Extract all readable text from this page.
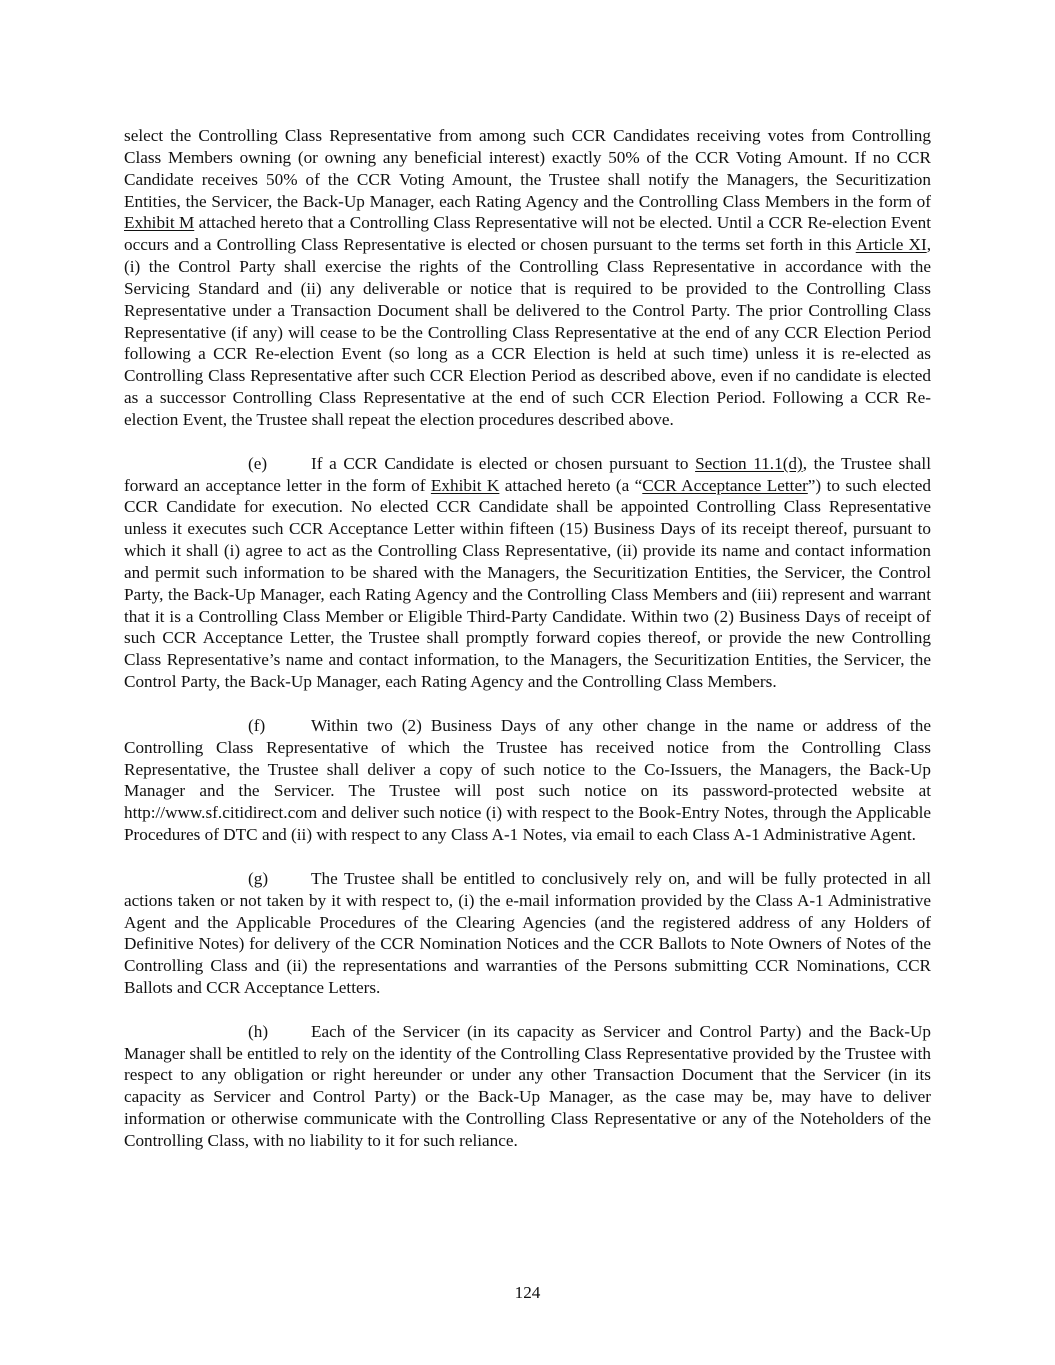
select the Controlling Class Representative from among such CCR Candidates receiving votes from Controlling Class Members owning (or owning any beneficial interest) exactly 50% of the CCR Voting Amount. If no CCR Candidate receives 50% of the CCR Voting Amount, the Trustee shall notify the Managers, the Securitization Entities, the Servicer, the Back-Up Manager, each Rating Agency and the Controlling Class Members in the form of Exhibit M attached hereto that a Controlling Class Representative will not be elected. Until a CCR Re-election Event occurs and a Controlling Class Representative is elected or chosen pursuant to the terms set forth in this Article XI, (i) the Control Party shall exercise the rights of the Controlling Class Representative in accordance with the Servicing Standard and (ii) any deliverable or notice that is required to be provided to the Controlling Class Representative under a Transaction Document shall be delivered to the Control Party. The prior Controlling Class Representative (if any) will cease to be the Controlling Class Representative at the end of any CCR Election Period following a CCR Re-election Event (so long as a CCR Election is held at such time) unless it is re-elected as Controlling Class Representative after such CCR Election Period as described above, even if no candidate is elected as a successor Controlling Class Representative at the end of such CCR Election Period. Following a CCR Re-election Event, the Trustee shall repeat the election procedures described above.

(e)	If a CCR Candidate is elected or chosen pursuant to Section 11.1(d), the Trustee shall forward an acceptance letter in the form of Exhibit K attached hereto (a “CCR Acceptance Letter”) to such elected CCR Candidate for execution. No elected CCR Candidate shall be appointed Controlling Class Representative unless it executes such CCR Acceptance Letter within fifteen (15) Business Days of its receipt thereof, pursuant to which it shall (i) agree to act as the Controlling Class Representative, (ii) provide its name and contact information and permit such information to be shared with the Managers, the Securitization Entities, the Servicer, the Control Party, the Back-Up Manager, each Rating Agency and the Controlling Class Members and (iii) represent and warrant that it is a Controlling Class Member or Eligible Third-Party Candidate. Within two (2) Business Days of receipt of such CCR Acceptance Letter, the Trustee shall promptly forward copies thereof, or provide the new Controlling Class Representative’s name and contact information, to the Managers, the Securitization Entities, the Servicer, the Control Party, the Back-Up Manager, each Rating Agency and the Controlling Class Members.

(f)	Within two (2) Business Days of any other change in the name or address of the Controlling Class Representative of which the Trustee has received notice from the Controlling Class Representative, the Trustee shall deliver a copy of such notice to the Co-Issuers, the Managers, the Back-Up Manager and the Servicer. The Trustee will post such notice on its password-protected website at http://www.sf.citidirect.com and deliver such notice (i) with respect to the Book-Entry Notes, through the Applicable Procedures of DTC and (ii) with respect to any Class A-1 Notes, via email to each Class A-1 Administrative Agent.

(g) The Trustee shall be entitled to conclusively rely on, and will be fully protected in all actions taken or not taken by it with respect to, (i) the e-mail information provided by the Class A-1 Administrative Agent and the Applicable Procedures of the Clearing Agencies (and the registered address of any Holders of Definitive Notes) for delivery of the CCR Nomination Notices and the CCR Ballots to Note Owners of Notes of the Controlling Class and (ii) the representations and warranties of the Persons submitting CCR Nominations, CCR Ballots and CCR Acceptance Letters.

(h) Each of the Servicer (in its capacity as Servicer and Control Party) and the Back-Up Manager shall be entitled to rely on the identity of the Controlling Class Representative provided by the Trustee with respect to any obligation or right hereunder or under any other Transaction Document that the Servicer (in its capacity as Servicer and Control Party) or the Back-Up Manager, as the case may be, may have to deliver information or otherwise communicate with the Controlling Class Representative or any of the Noteholders of the Controlling Class, with no liability to it for such reliance.

124
